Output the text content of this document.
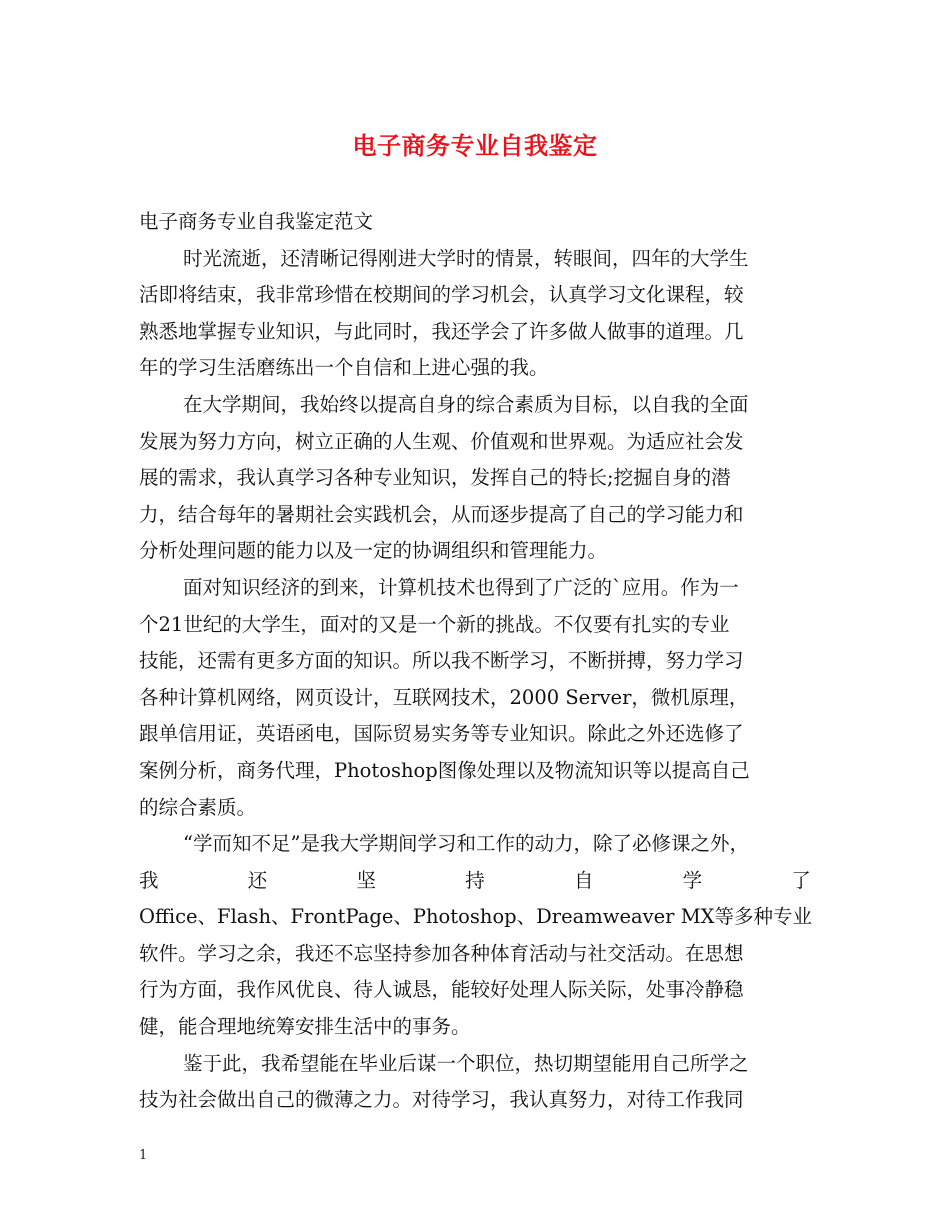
电子商务专业自我鉴定
电子商务专业自我鉴定范文
时光流逝，还清晰记得刚进大学时的情景，转眼间，四年的大学生
活即将结束，我非常珍惜在校期间的学习机会，认真学习文化课程，较
熟悉地掌握专业知识，与此同时，我还学会了许多做人做事的道理。几
年的学习生活磨练出一个自信和上进心强的我。
在大学期间，我始终以提高自身的综合素质为目标，以自我的全面
发展为努力方向，树立正确的人生观、价值观和世界观。为适应社会发
展的需求，我认真学习各种专业知识，发挥自己的特长;挖掘自身的潜
力，结合每年的暑期社会实践机会，从而逐步提高了自己的学习能力和
分析处理问题的能力以及一定的协调组织和管理能力。
面对知识经济的到来，计算机技术也得到了广泛的`应用。作为一
个21世纪的大学生，面对的又是一个新的挑战。不仅要有扎实的专业
技能，还需有更多方面的知识。所以我不断学习，不断拼搏，努力学习
各种计算机网络，网页设计，互联网技术，2000 Server，微机原理，
跟单信用证，英语函电，国际贸易实务等专业知识。除此之外还选修了
案例分析，商务代理，Photoshop图像处理以及物流知识等以提高自己
的综合素质。
“学而知不足”是我大学期间学习和工作的动力，除了必修课之外，
我	还	坚	持	自	学	了
Office、Flash、FrontPage、Photoshop、Dreamweaver MX等多种专业
软件。学习之余，我还不忘坚持参加各种体育活动与社交活动。在思想
行为方面，我作风优良、待人诚恳，能较好处理人际关际，处事冷静稳
健，能合理地统筹安排生活中的事务。
鉴于此，我希望能在毕业后谋一个职位，热切期望能用自己所学之
技为社会做出自己的微薄之力。对待学习，我认真努力，对待工作我同
1
